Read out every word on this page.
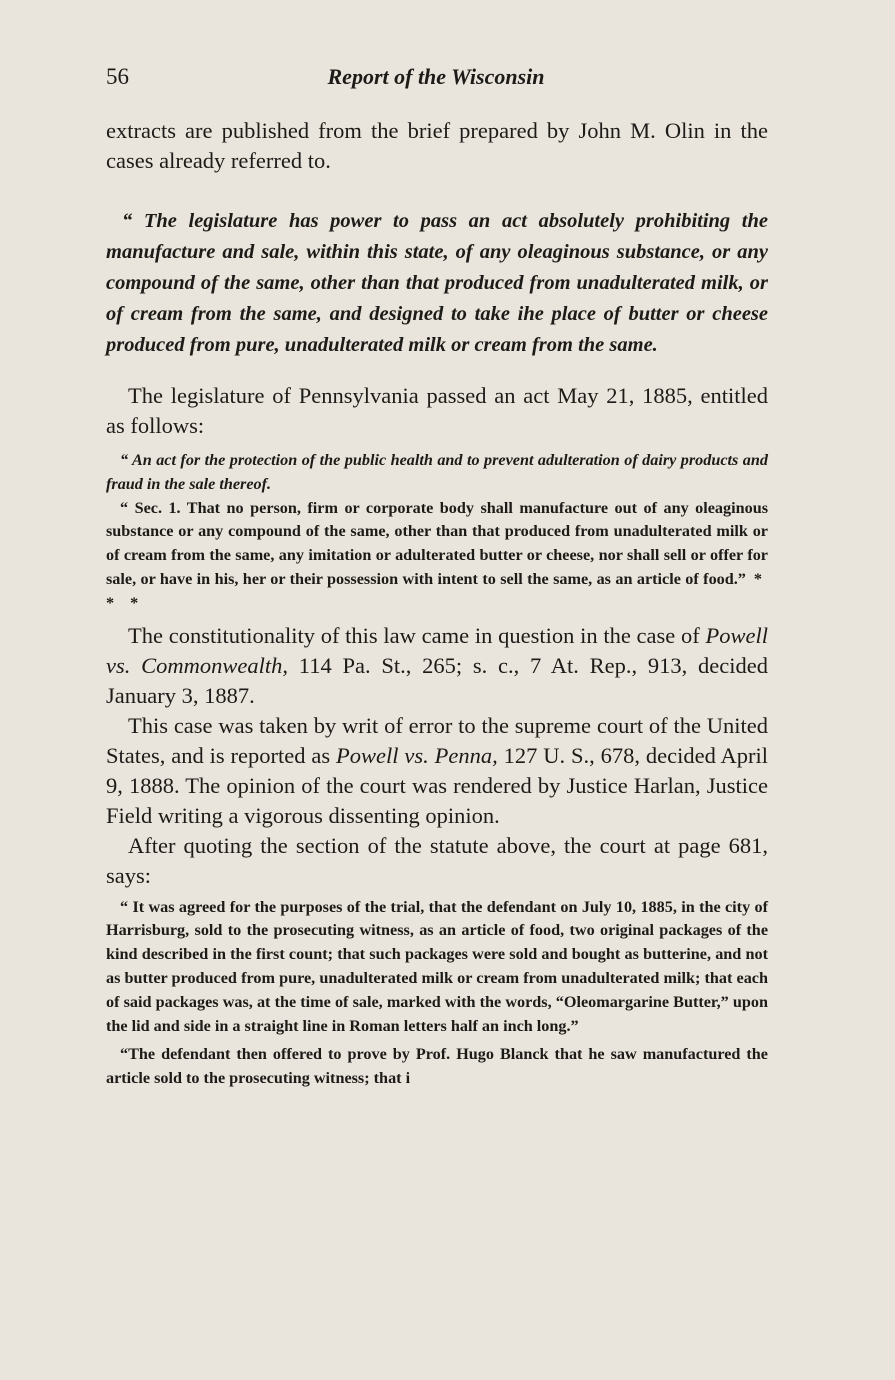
56	Report of the Wisconsin

extracts are published from the brief prepared by John M. Olin in the cases already referred to.

“ The legislature has power to pass an act absolutely prohibiting the manufacture and sale, within this state, of any oleaginous substance, or any compound of the same, other than that produced from unadulterated milk, or of cream from the same, and designed to take ihe place of butter or cheese produced from pure, unadulterated milk or cream from the same.

The legislature of Pennsylvania passed an act May 21, 1885, entitled as follows:

“ An act for the protection of the public health and to prevent adulteration of dairy products and fraud in the sale thereof.

“ Sec. 1. That no person, firm or corporate body shall manufacture out of any oleaginous substance or any compound of the same, other than that produced from unadulterated milk or of cream from the same, any imitation or adulterated butter or cheese, nor shall sell or offer for sale, or have in his, her or their possession with intent to sell the same, as an article of food.” * * *

The constitutionality of this law came in question in the case of Powell vs. Commonwealth, 114 Pa. St., 265; s. c., 7 At. Rep., 913, decided January 3, 1887.

This case was taken by writ of error to the supreme court of the United States, and is reported as Powell vs. Penna, 127 U. S., 678, decided April 9, 1888. The opinion of the court was rendered by Justice Harlan, Justice Field writing a vigorous dissenting opinion.

After quoting the section of the statute above, the court at page 681, says:

“ It was agreed for the purposes of the trial, that the defendant on July 10, 1885, in the city of Harrisburg, sold to the prosecuting witness, as an article of food, two original packages of the kind described in the first count; that such packages were sold and bought as butterine, and not as butter produced from pure, unadulterated milk or cream from unadulterated milk; that each of said packages was, at the time of sale, marked with the words, “Oleomargarine Butter,” upon the lid and side in a straight line in Roman letters half an inch long.”

“The defendant then offered to prove by Prof. Hugo Blanck that he saw manufactured the article sold to the prosecuting witness; that i
